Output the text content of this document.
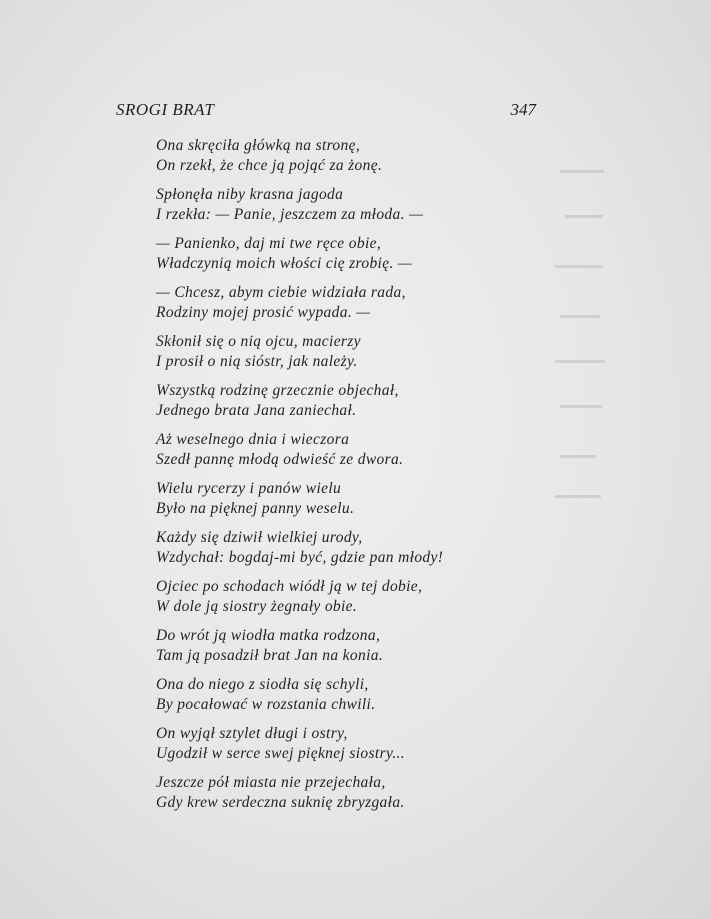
SROGI BRAT	347
Ona skręciła główką na stronę,
On rzekł, że chce ją pojąć za żonę.
Spłonęła niby krasna jagoda
I rzekła: — Panie, jeszczem za młoda. —
— Panienko, daj mi twe ręce obie,
Władczynią moich włości cię zrobię. —
— Chcesz, abym ciebie widziała rada,
Rodziny mojej prosić wypada. —
Skłonił się o nią ojcu, macierzy
I prosił o nią sióstr, jak należy.
Wszystką rodzinę grzecznie objechał,
Jednego brata Jana zaniechał.
Aż weselnego dnia i wieczora
Szedł pannę młodą odwieść ze dwora.
Wielu rycerzy i panów wielu
Było na pięknej panny weselu.
Każdy się dziwił wielkiej urody,
Wzdychał: bogdaj-mi być, gdzie pan młody!
Ojciec po schodach wiódł ją w tej dobie,
W dole ją siostry żegnały obie.
Do wrót ją wiodła matka rodzona,
Tam ją posadził brat Jan na konia.
Ona do niego z siodła się schyli,
By pocałować w rozstania chwili.
On wyjął sztylet długi i ostry,
Ugodził w serce swej pięknej siostry...
Jeszcze pół miasta nie przejechała,
Gdy krew serdeczna suknię zbryzgała.
